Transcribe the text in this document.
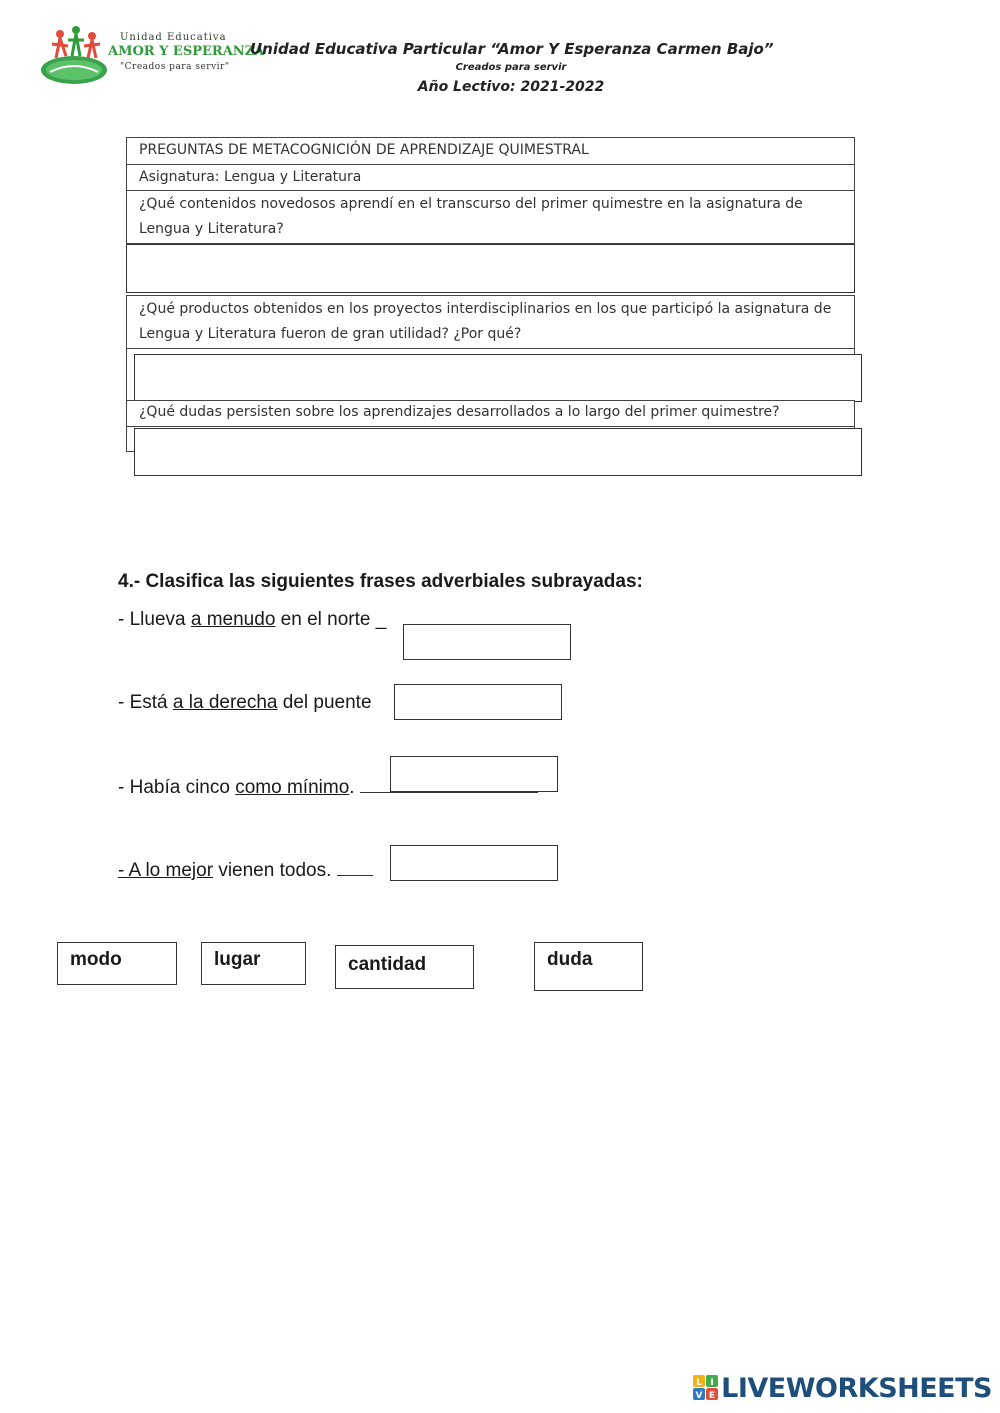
Unidad Educativa
AMOR Y ESPERANZA
"Creados para servir"
Unidad Educativa Particular “Amor Y Esperanza Carmen Bajo”
Creados para servir
Año Lectivo: 2021-2022
PREGUNTAS DE METACOGNICIÓN DE APRENDIZAJE QUIMESTRAL
Asignatura: Lengua y Literatura
¿Qué contenidos novedosos aprendí en el transcurso del primer quimestre en la asignatura de Lengua y Literatura?
¿Qué productos obtenidos en los proyectos interdisciplinarios en los que participó la asignatura de Lengua y Literatura fueron de gran utilidad? ¿Por qué?
¿Qué dudas persisten sobre los aprendizajes desarrollados a lo largo del primer quimestre?
4.- Clasifica las siguientes frases adverbiales subrayadas:
- Llueva a menudo en el norte _
- Está a la derecha del puente
- Había cinco como mínimo.
- A lo mejor vienen todos.
modo	lugar	cantidad	duda
L I
V E LIVEWORKSHEETS
